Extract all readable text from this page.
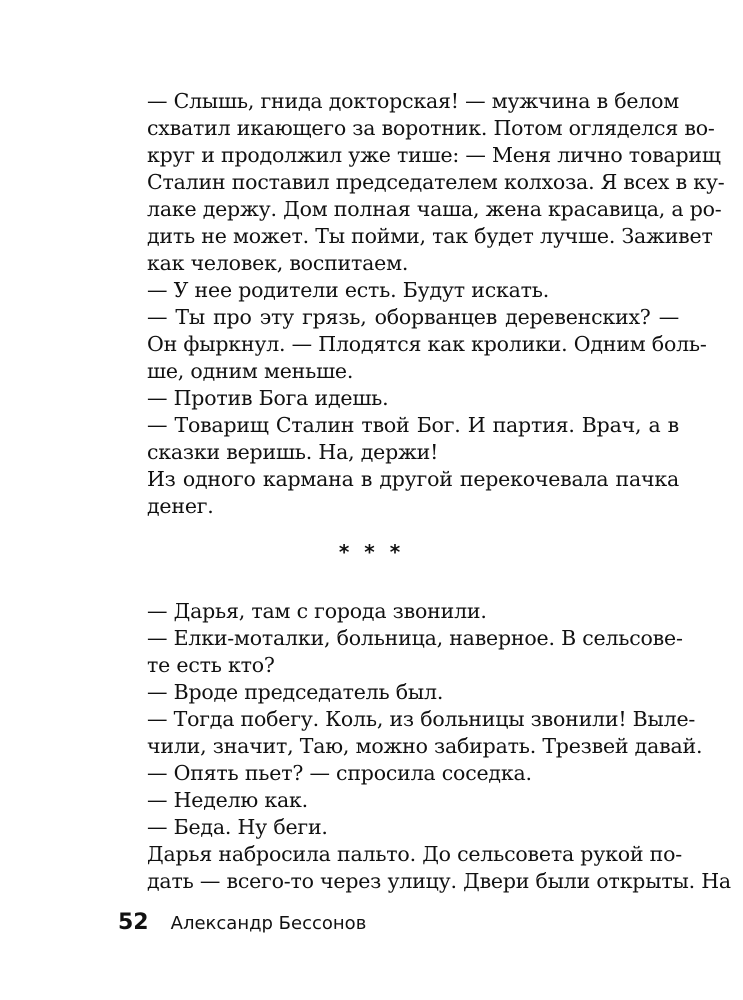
— Слышь, гнида докторская! — мужчина в белом
схватил икающего за воротник. Потом огляделся во-
круг и продолжил уже тише: — Меня лично товарищ
Сталин поставил председателем колхоза. Я всех в ку-
лаке держу. Дом полная чаша, жена красавица, а ро-
дить не может. Ты пойми, так будет лучше. Заживет
как человек, воспитаем.
— У нее родители есть. Будут искать.
— Ты про эту грязь, оборванцев деревенских? —
Он фыркнул. — Плодятся как кролики. Одним боль-
ше, одним меньше.
— Против Бога идешь.
— Товарищ Сталин твой Бог. И партия. Врач, а в
сказки веришь. На, держи!
Из одного кармана в другой перекочевала пачка
денег.
* * *
— Дарья, там с города звонили.
— Елки-моталки, больница, наверное. В сельсове-
те есть кто?
— Вроде председатель был.
— Тогда побегу. Коль, из больницы звонили! Выле-
чили, значит, Таю, можно забирать. Трезвей давай.
— Опять пьет? — спросила соседка.
— Неделю как.
— Беда. Ну беги.
Дарья набросила пальто. До сельсовета рукой по-
дать — всего-то через улицу. Двери были открыты. На
52 Александр Бессонов
